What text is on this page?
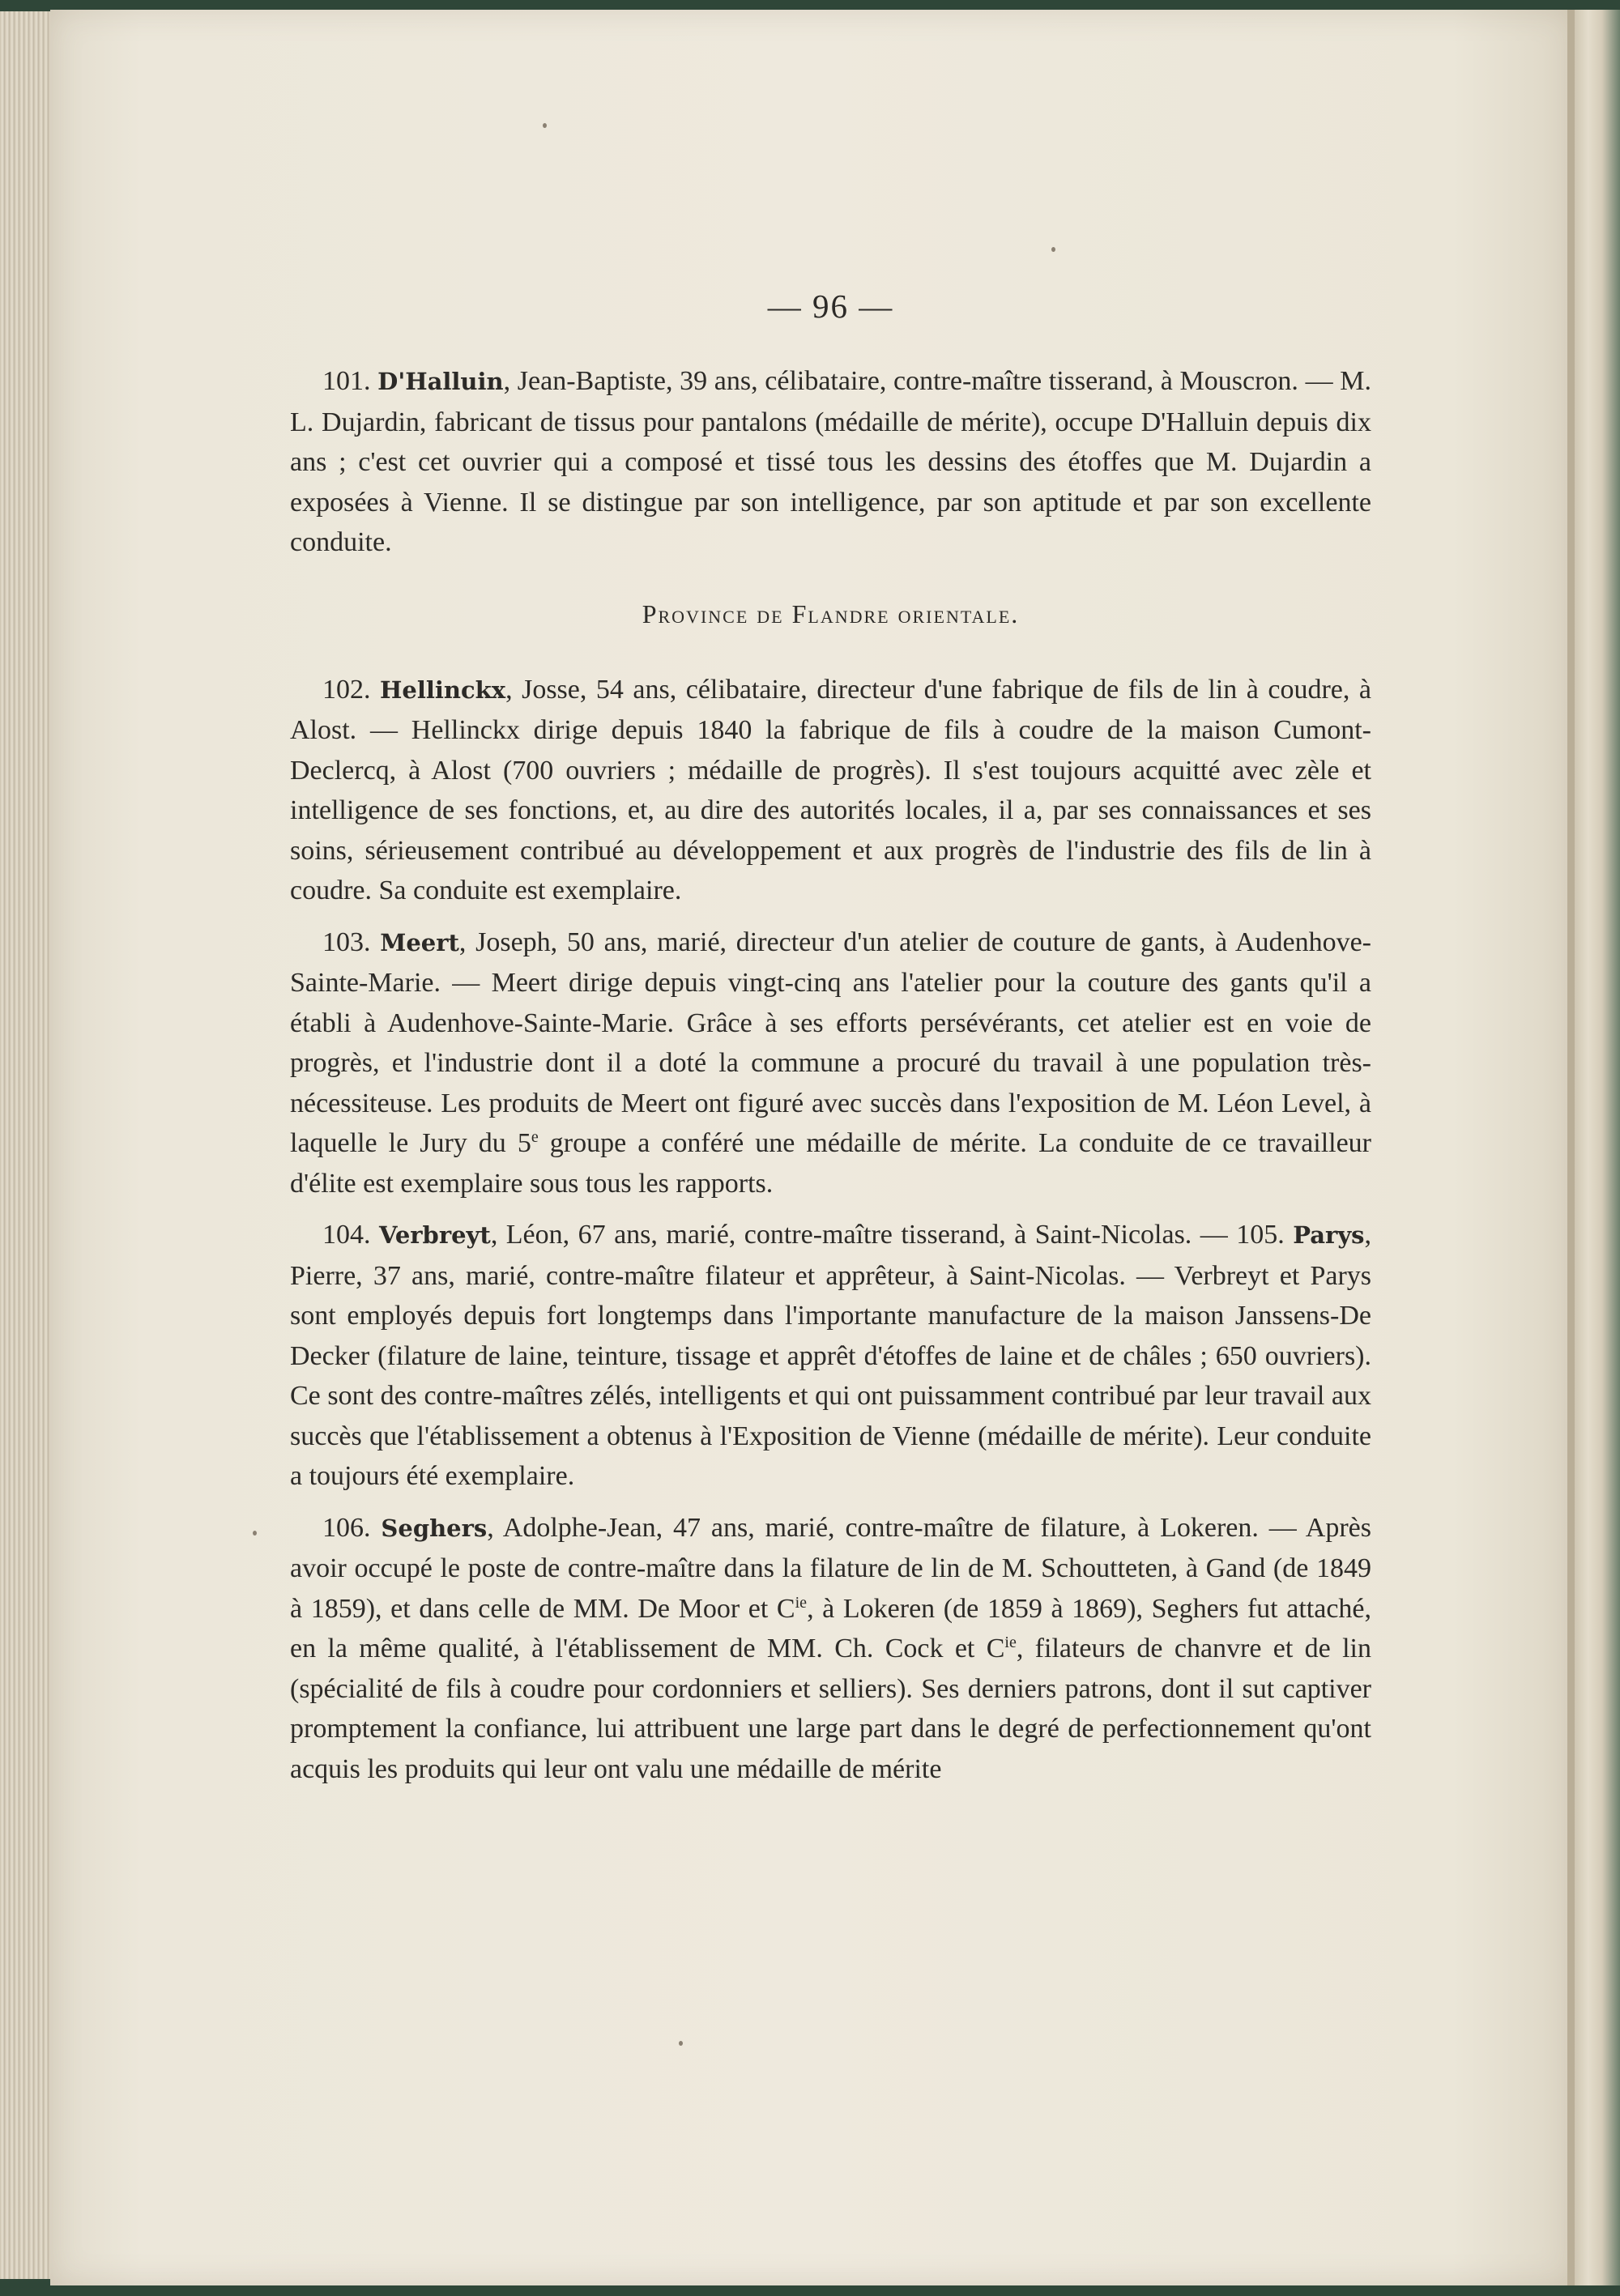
— 96 —

101. D'Halluin, Jean-Baptiste, 39 ans, célibataire, contre-maître tisserand, à Mouscron. — M. L. Dujardin, fabricant de tissus pour pantalons (médaille de mérite), occupe D'Halluin depuis dix ans ; c'est cet ouvrier qui a composé et tissé tous les dessins des étoffes que M. Dujardin a exposées à Vienne. Il se distingue par son intelligence, par son aptitude et par son excellente conduite.

Province de Flandre orientale.

102. Hellinckx, Josse, 54 ans, célibataire, directeur d'une fabrique de fils de lin à coudre, à Alost. — Hellinckx dirige depuis 1840 la fabrique de fils à coudre de la maison Cumont-Declercq, à Alost (700 ouvriers ; médaille de progrès). Il s'est toujours acquitté avec zèle et intelligence de ses fonctions, et, au dire des autorités locales, il a, par ses connaissances et ses soins, sérieusement contribué au développement et aux progrès de l'industrie des fils de lin à coudre. Sa conduite est exemplaire.

103. Meert, Joseph, 50 ans, marié, directeur d'un atelier de couture de gants, à Audenhove-Sainte-Marie. — Meert dirige depuis vingt-cinq ans l'atelier pour la couture des gants qu'il a établi à Audenhove-Sainte-Marie. Grâce à ses efforts persévérants, cet atelier est en voie de progrès, et l'industrie dont il a doté la commune a procuré du travail à une population très-nécessiteuse. Les produits de Meert ont figuré avec succès dans l'exposition de M. Léon Level, à laquelle le Jury du 5e groupe a conféré une médaille de mérite. La conduite de ce travailleur d'élite est exemplaire sous tous les rapports.

104. Verbreyt, Léon, 67 ans, marié, contre-maître tisserand, à Saint-Nicolas. — 105. Parys, Pierre, 37 ans, marié, contre-maître filateur et apprêteur, à Saint-Nicolas. — Verbreyt et Parys sont employés depuis fort longtemps dans l'importante manufacture de la maison Janssens-De Decker (filature de laine, teinture, tissage et apprêt d'étoffes de laine et de châles ; 650 ouvriers). Ce sont des contre-maîtres zélés, intelligents et qui ont puissamment contribué par leur travail aux succès que l'établissement a obtenus à l'Exposition de Vienne (médaille de mérite). Leur conduite a toujours été exemplaire.

106. Seghers, Adolphe-Jean, 47 ans, marié, contre-maître de filature, à Lokeren. — Après avoir occupé le poste de contre-maître dans la filature de lin de M. Schoutteten, à Gand (de 1849 à 1859), et dans celle de MM. De Moor et $C^{ie}$, à Lokeren (de 1859 à 1869), Seghers fut attaché, en la même qualité, à l'établissement de MM. Ch. Cock et $C^{ie}$, filateurs de chanvre et de lin (spécialité de fils à coudre pour cordonniers et selliers). Ses derniers patrons, dont il sut captiver promptement la confiance, lui attribuent une large part dans le degré de perfectionnement qu'ont acquis les produits qui leur ont valu une médaille de mérite
